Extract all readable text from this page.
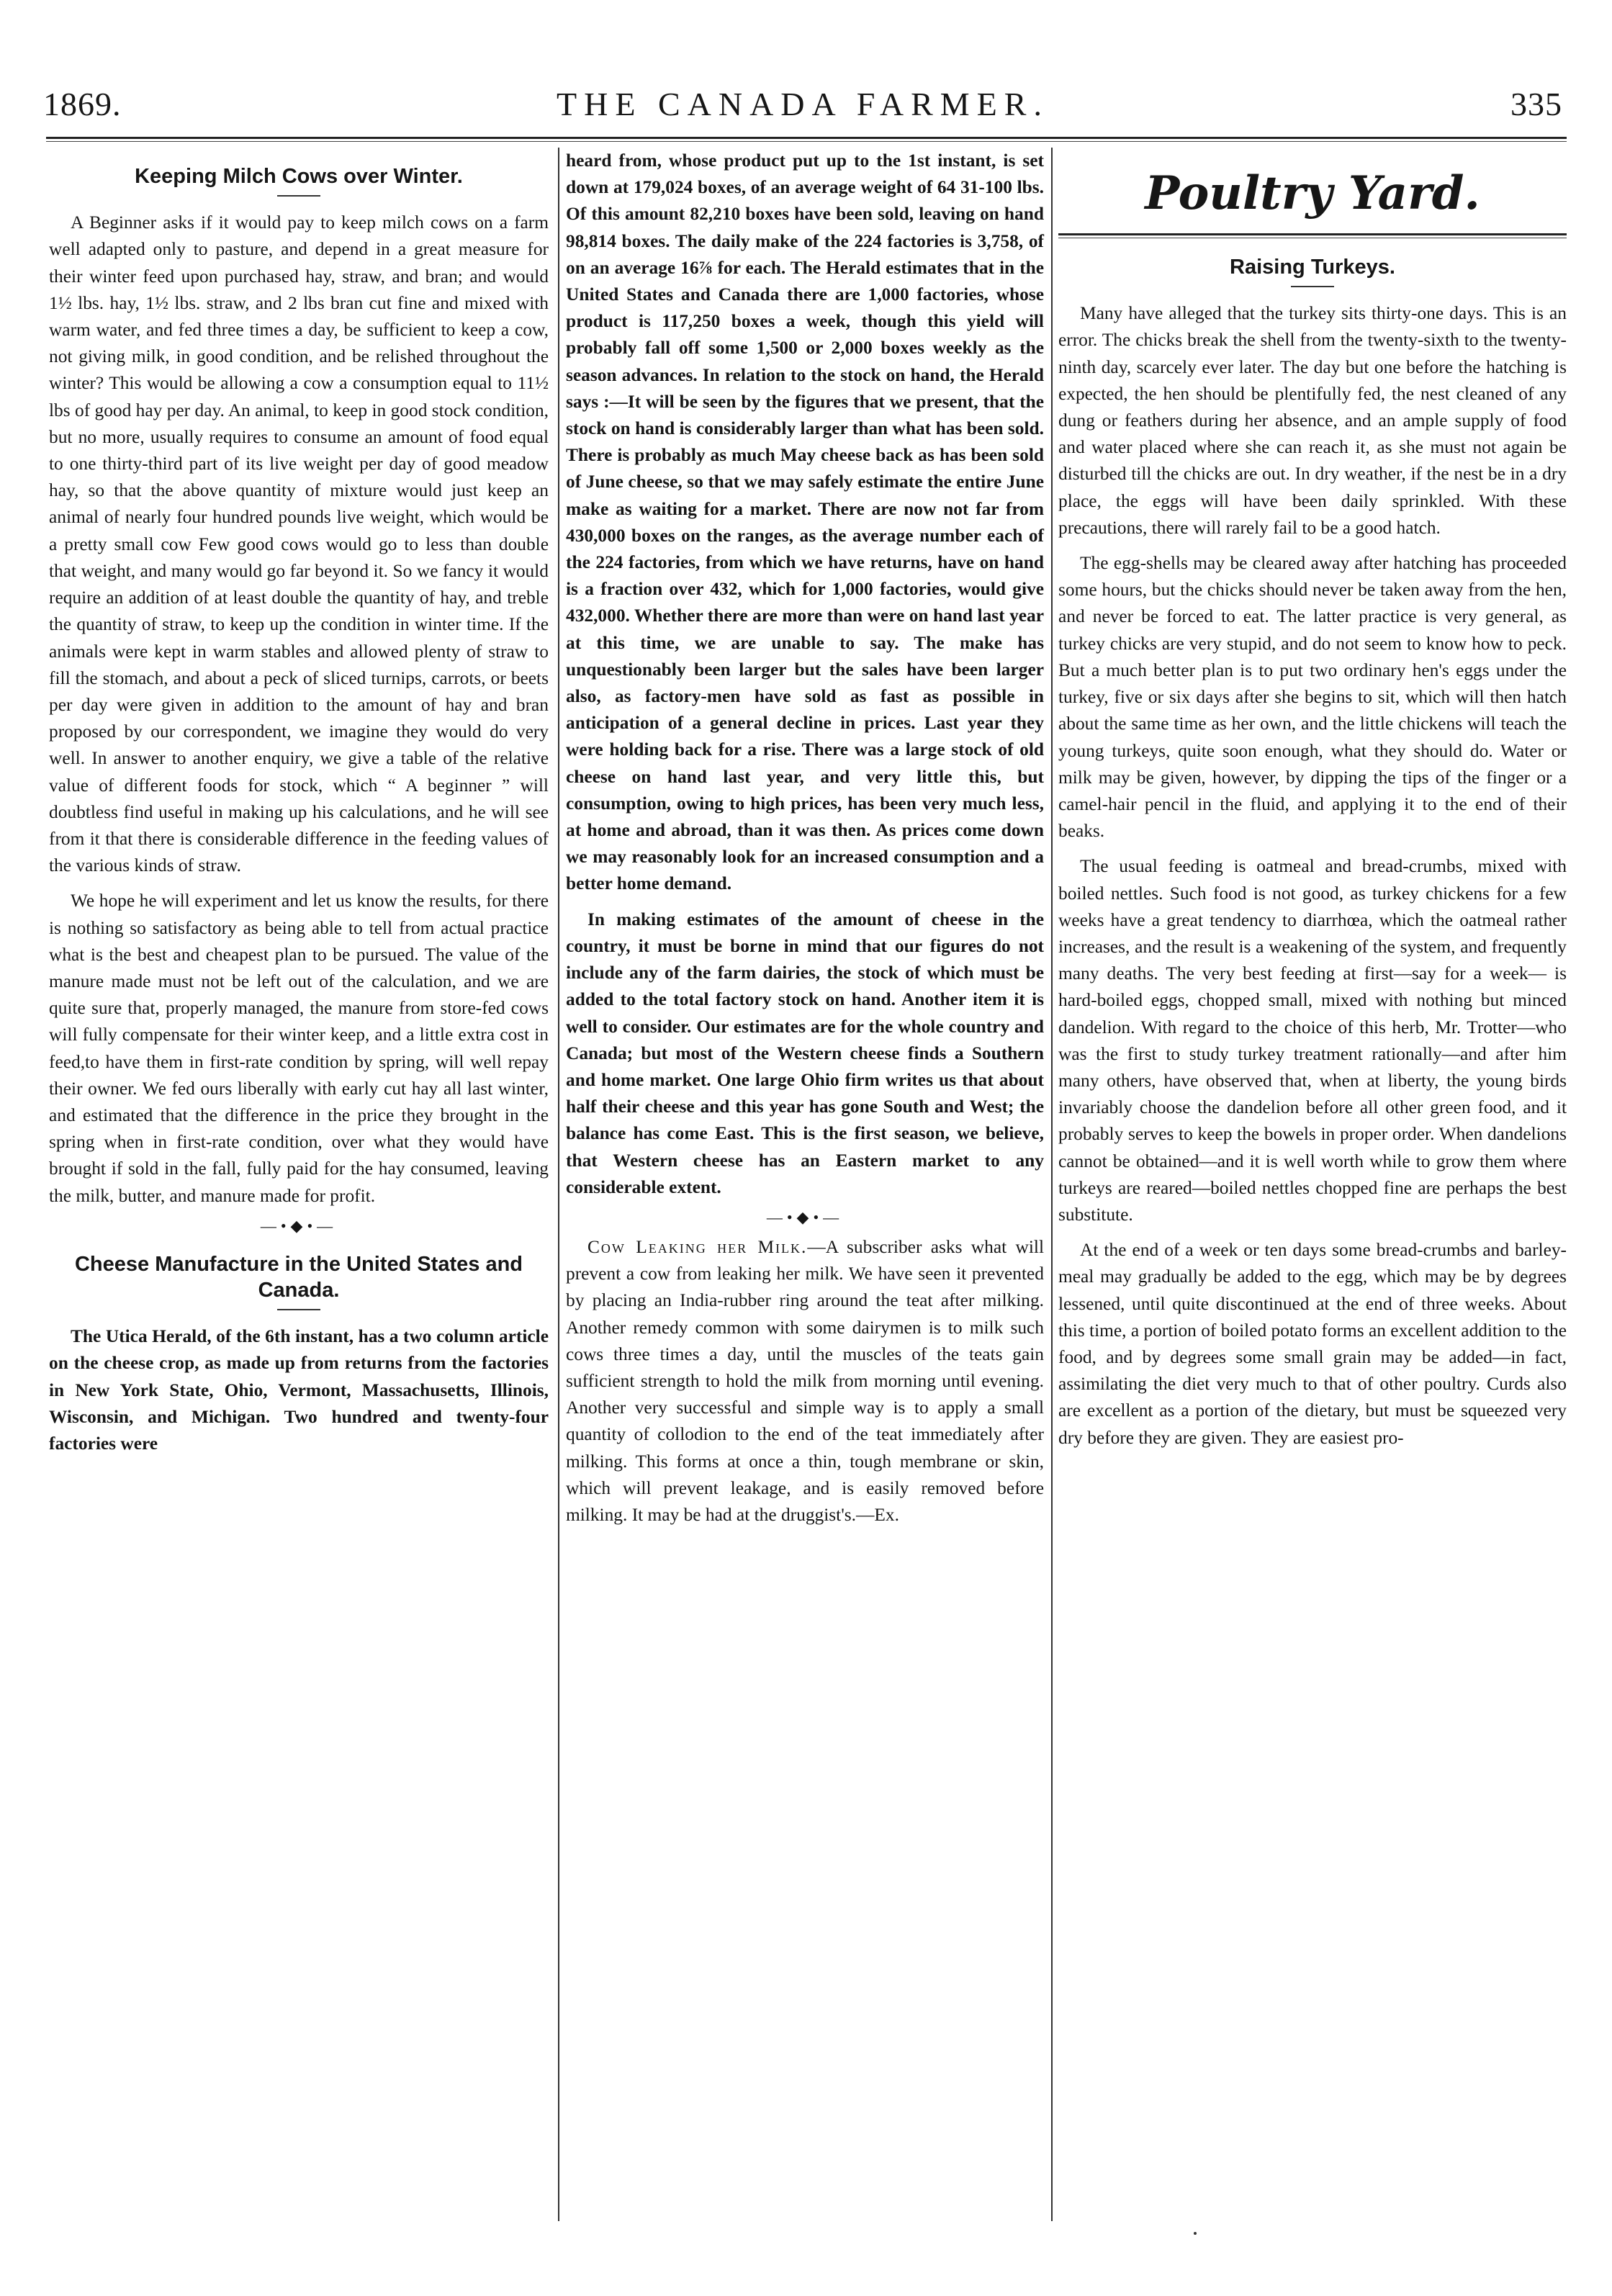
1869.	THE CANADA FARMER.	335
Keeping Milch Cows over Winter.

A Beginner asks if it would pay to keep milch cows on a farm well adapted only to pasture, and depend in a great measure for their winter feed upon purchased hay, straw, and bran; and would 1½ lbs. hay, 1½ lbs. straw, and 2 lbs bran cut fine and mixed with warm water, and fed three times a day, be sufficient to keep a cow, not giving milk, in good condition, and be relished throughout the winter? This would be allowing a cow a consumption equal to 11½ lbs of good hay per day. An animal, to keep in good stock condition, but no more, usually requires to consume an amount of food equal to one thirty-third part of its live weight per day of good meadow hay, so that the above quantity of mixture would just keep an animal of nearly four hundred pounds live weight, which would be a pretty small cow Few good cows would go to less than double that weight, and many would go far beyond it. So we fancy it would require an addition of at least double the quantity of hay, and treble the quantity of straw, to keep up the condition in winter time. If the animals were kept in warm stables and allowed plenty of straw to fill the stomach, and about a peck of sliced turnips, carrots, or beets per day were given in addition to the amount of hay and bran proposed by our correspondent, we imagine they would do very well. In answer to another enquiry, we give a table of the relative value of different foods for stock, which “ A beginner ” will doubtless find useful in making up his calculations, and he will see from it that there is considerable difference in the feeding values of the various kinds of straw.

We hope he will experiment and let us know the results, for there is nothing so satisfactory as being able to tell from actual practice what is the best and cheapest plan to be pursued. The value of the manure made must not be left out of the calculation, and we are quite sure that, properly managed, the manure from store-fed cows will fully compensate for their winter keep, and a little extra cost in feed,to have them in first-rate condition by spring, will well repay their owner. We fed ours liberally with early cut hay all last winter, and estimated that the difference in the price they brought in the spring when in first-rate condition, over what they would have brought if sold in the fall, fully paid for the hay consumed, leaving the milk, butter, and manure made for profit.

—•◆•—
Cheese Manufacture in the United States and Canada.

The Utica Herald, of the 6th instant, has a two column article on the cheese crop, as made up from returns from the factories in New York State, Ohio, Vermont, Massachusetts, Illinois, Wisconsin, and Michigan. Two hundred and twenty-four factories were

heard from, whose product put up to the 1st instant, is set down at 179,024 boxes, of an average weight of 64 31-100 lbs. Of this amount 82,210 boxes have been sold, leaving on hand 98,814 boxes. The daily make of the 224 factories is 3,758, of on an average 16⅞ for each. The Herald estimates that in the United States and Canada there are 1,000 factories, whose product is 117,250 boxes a week, though this yield will probably fall off some 1,500 or 2,000 boxes weekly as the season advances. In relation to the stock on hand, the Herald says :—It will be seen by the figures that we present, that the stock on hand is considerably larger than what has been sold. There is probably as much May cheese back as has been sold of June cheese, so that we may safely estimate the entire June make as waiting for a market. There are now not far from 430,000 boxes on the ranges, as the average number each of the 224 factories, from which we have returns, have on hand is a fraction over 432, which for 1,000 factories, would give 432,000. Whether there are more than were on hand last year at this time, we are unable to say. The make has unquestionably been larger but the sales have been larger also, as factory-men have sold as fast as possible in anticipation of a general decline in prices. Last year they were holding back for a rise. There was a large stock of old cheese on hand last year, and very little this, but consumption, owing to high prices, has been very much less, at home and abroad, than it was then. As prices come down we may reasonably look for an increased consumption and a better home demand.

In making estimates of the amount of cheese in the country, it must be borne in mind that our figures do not include any of the farm dairies, the stock of which must be added to the total factory stock on hand. Another item it is well to consider. Our estimates are for the whole country and Canada; but most of the Western cheese finds a Southern and home market. One large Ohio firm writes us that about half their cheese and this year has gone South and West; the balance has come East. This is the first season, we believe, that Western cheese has an Eastern market to any considerable extent.

—•◆•—

Cow Leaking her Milk.—A subscriber asks what will prevent a cow from leaking her milk. We have seen it prevented by placing an India-rubber ring around the teat after milking. Another remedy common with some dairymen is to milk such cows three times a day, until the muscles of the teats gain sufficient strength to hold the milk from morning until evening. Another very successful and simple way is to apply a small quantity of collodion to the end of the teat immediately after milking. This forms at once a thin, tough membrane or skin, which will prevent leakage, and is easily removed before milking. It may be had at the druggist's.—Ex.

Poultry Yard.
Raising Turkeys.

Many have alleged that the turkey sits thirty-one days. This is an error. The chicks break the shell from the twenty-sixth to the twenty-ninth day, scarcely ever later. The day but one before the hatching is expected, the hen should be plentifully fed, the nest cleaned of any dung or feathers during her absence, and an ample supply of food and water placed where she can reach it, as she must not again be disturbed till the chicks are out. In dry weather, if the nest be in a dry place, the eggs will have been daily sprinkled. With these precautions, there will rarely fail to be a good hatch.

The egg-shells may be cleared away after hatching has proceeded some hours, but the chicks should never be taken away from the hen, and never be forced to eat. The latter practice is very general, as turkey chicks are very stupid, and do not seem to know how to peck. But a much better plan is to put two ordinary hen's eggs under the turkey, five or six days after she begins to sit, which will then hatch about the same time as her own, and the little chickens will teach the young turkeys, quite soon enough, what they should do. Water or milk may be given, however, by dipping the tips of the finger or a camel-hair pencil in the fluid, and applying it to the end of their beaks.

The usual feeding is oatmeal and bread-crumbs, mixed with boiled nettles. Such food is not good, as turkey chickens for a few weeks have a great tendency to diarrhœa, which the oatmeal rather increases, and the result is a weakening of the system, and frequently many deaths. The very best feeding at first—say for a week— is hard-boiled eggs, chopped small, mixed with nothing but minced dandelion. With regard to the choice of this herb, Mr. Trotter—who was the first to study turkey treatment rationally—and after him many others, have observed that, when at liberty, the young birds invariably choose the dandelion before all other green food, and it probably serves to keep the bowels in proper order. When dandelions cannot be obtained—and it is well worth while to grow them where turkeys are reared—boiled nettles chopped fine are perhaps the best substitute.

At the end of a week or ten days some bread-crumbs and barley-meal may gradually be added to the egg, which may be by degrees lessened, until quite discontinued at the end of three weeks. About this time, a portion of boiled potato forms an excellent addition to the food, and by degrees some small grain may be added—in fact, assimilating the diet very much to that of other poultry. Curds also are excellent as a portion of the dietary, but must be squeezed very dry before they are given. They are easiest pro-
